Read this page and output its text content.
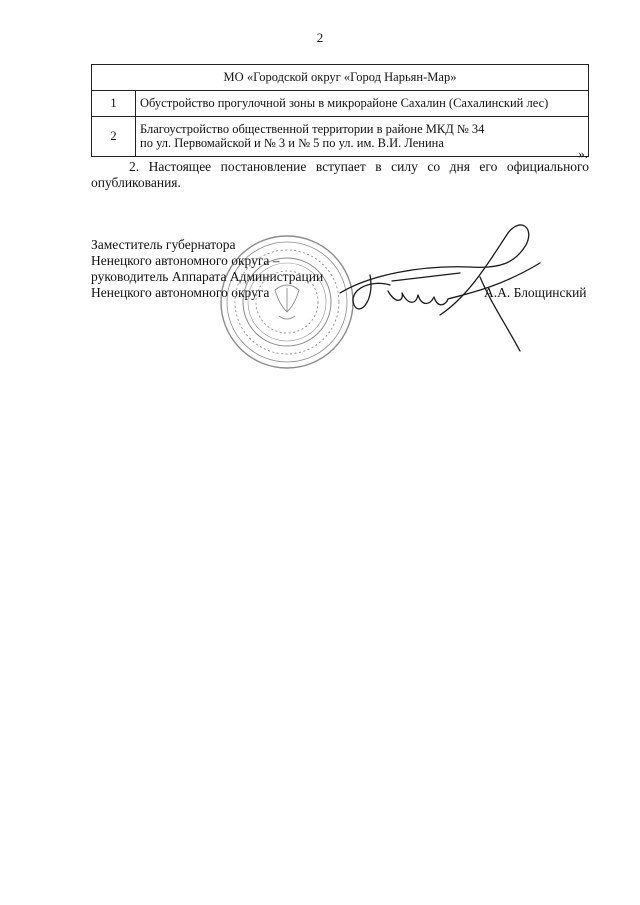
2
МО «Городской округ «Город Нарьян-Мар»	
1	Обустройство прогулочной зоны в микрорайоне Сахалин (Сахалинский лес)
2	Благоустройство общественной территории в районе МКД № 34
по ул. Первомайской и № 3 и № 5 по ул. им. В.И. Ленина
».
2. Настоящее постановление вступает в силу со дня его официального опубликования.
Заместитель губернатора
Ненецкого автономного округа –
руководитель Аппарата Администрации
Ненецкого автономного округа	А.А. Блощинский
